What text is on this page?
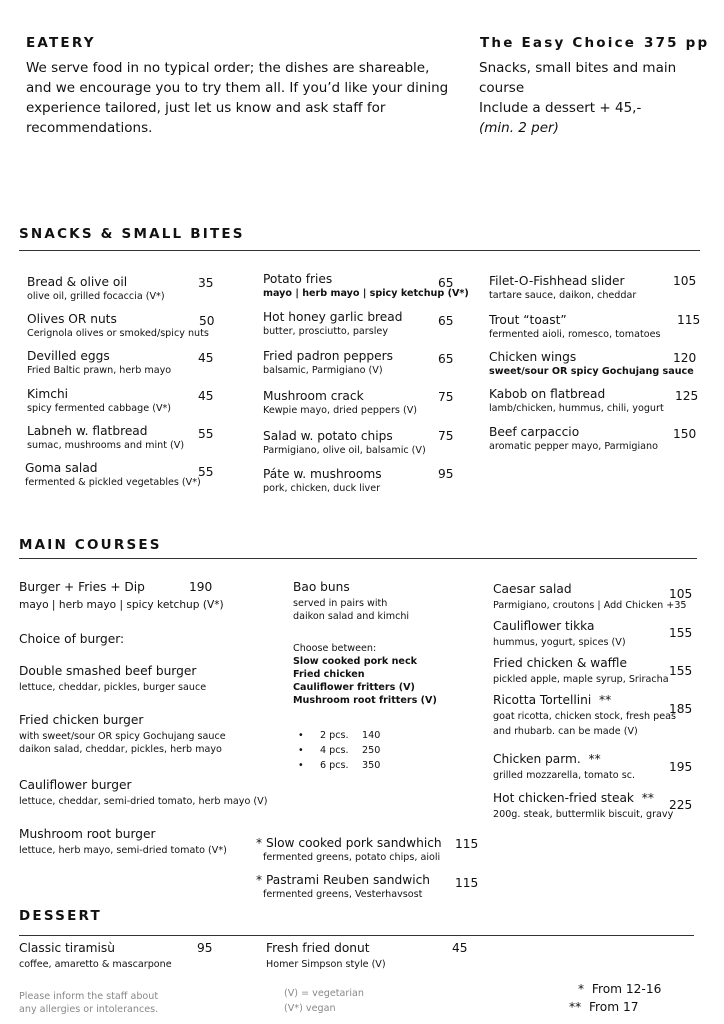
EATERY
We serve food in no typical order; the dishes are shareable, and we encourage you to try them all. If you’d like your dining experience tailored, just let us know and ask staff for recommendations.
The Easy Choice 375 pp
Snacks, small bites and main
course
Include a dessert + 45,-
(min. 2 per)
SNACKS & SMALL BITES
Bread & olive oil
olive oil, grilled focaccia (V*)
35
Olives OR nuts
Cerignola olives or smoked/spicy nuts
50
Devilled eggs
Fried Baltic prawn, herb mayo
45
Kimchi
spicy fermented cabbage (V*)
45
Labneh w. flatbread
sumac, mushrooms and mint (V)
55
Goma salad
fermented & pickled vegetables (V*)
55
Potato fries
mayo | herb mayo | spicy ketchup (V*)
65
Hot honey garlic bread
butter, prosciutto, parsley
65
Fried padron peppers
balsamic, Parmigiano (V)
65
Mushroom crack
Kewpie mayo, dried peppers (V)
75
Salad w. potato chips
Parmigiano, olive oil, balsamic (V)
75
Páte w. mushrooms
pork, chicken, duck liver
95
Filet-O-Fishhead slider
tartare sauce, daikon, cheddar
105
Trout “toast”
fermented aioli, romesco, tomatoes
115
Chicken wings
sweet/sour OR spicy Gochujang sauce
120
Kabob on flatbread
lamb/chicken, hummus, chili, yogurt
125
Beef carpaccio
aromatic pepper mayo, Parmigiano
150
MAIN COURSES
Burger + Fries + Dip	190
mayo | herb mayo | spicy ketchup (V*)
Choice of burger:
Double smashed beef burger
lettuce, cheddar, pickles, burger sauce
Fried chicken burger
with sweet/sour OR spicy Gochujang sauce
daikon salad, cheddar, pickles, herb mayo
Cauliflower burger
lettuce, cheddar, semi-dried tomato, herb mayo (V)
Mushroom root burger
lettuce, herb mayo, semi-dried tomato (V*)
Bao buns
served in pairs with
daikon salad and kimchi
Choose between:
Slow cooked pork neck
Fried chicken
Cauliflower fritters (V)
Mushroom root fritters (V)
• 2 pcs. 140
• 4 pcs. 250
• 6 pcs. 350
* Slow cooked pork sandwhich
fermented greens, potato chips, aioli
115
* Pastrami Reuben sandwich
fermented greens, Vesterhavsost
115
Caesar salad
Parmigiano, croutons | Add Chicken +35
105
Cauliflower tikka
hummus, yogurt, spices (V)
155
Fried chicken & waffle
pickled apple, maple syrup, Sriracha
155
Ricotta Tortellini **
goat ricotta, chicken stock, fresh peas
and rhubarb. can be made (V)
185
Chicken parm. **
grilled mozzarella, tomato sc.
195
Hot chicken-fried steak **
200g. steak, buttermlik biscuit, gravy
225
DESSERT
Classic tiramisù
coffee, amaretto & mascarpone
95	Fresh fried donut
Homer Simpson style (V)
45
Please inform the staff about
any allergies or intolerances.
(V) = vegetarian
(V*) vegan
* From 12-16
** From 17
